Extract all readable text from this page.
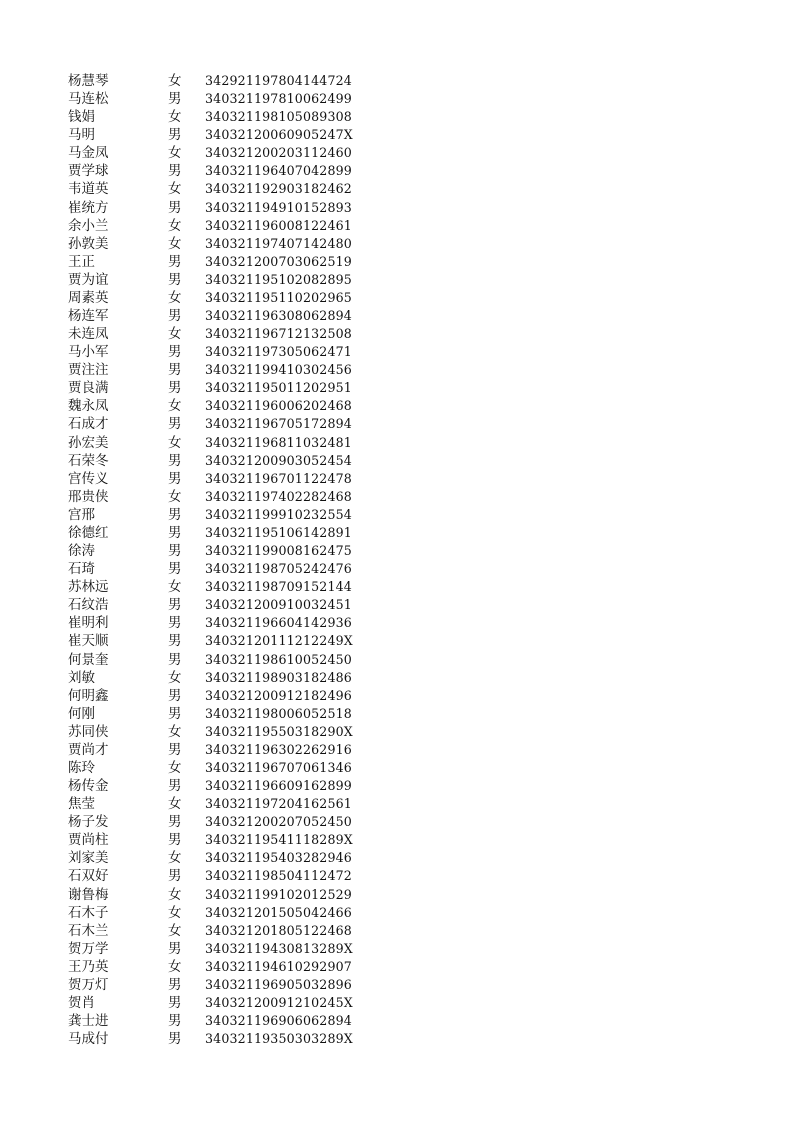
杨慧琴	女 342921197804144724
马连松	男 340321197810062499
钱娟	女 340321198105089308
马明	男 34032120060905247X
马金凤	女 340321200203112460
贾学球	男 340321196407042899
韦道英	女 340321192903182462
崔统方	男 340321194910152893
余小兰	女 340321196008122461
孙敦美	女 340321197407142480
王正	男 340321200703062519
贾为谊	男 340321195102082895
周素英	女 340321195110202965
杨连军	男 340321196308062894
未连凤	女 340321196712132508
马小军	男 340321197305062471
贾注注	男 340321199410302456
贾良满	男 340321195011202951
魏永凤	女 340321196006202468
石成才	男 340321196705172894
孙宏美	女 340321196811032481
石荣冬	男 340321200903052454
宫传义	男 340321196701122478
邢贵侠	女 340321197402282468
宫邢	男 340321199910232554
徐德红	男 340321195106142891
徐涛	男 340321199008162475
石琦	男 340321198705242476
苏林远	女 340321198709152144
石纹浩	男 340321200910032451
崔明利	男 340321196604142936
崔天顺	男 34032120111212249X
何景奎	男 340321198610052450
刘敏	女 340321198903182486
何明鑫	男 340321200912182496
何刚	男 340321198006052518
苏同侠	女 34032119550318290X
贾尚才	男 340321196302262916
陈玲	女 340321196707061346
杨传金	男 340321196609162899
焦莹	女 340321197204162561
杨子发	男 340321200207052450
贾尚柱	男 34032119541118289X
刘家美	女 340321195403282946
石双好	男 340321198504112472
谢鲁梅	女 340321199102012529
石木子	女 340321201505042466
石木兰	女 340321201805122468
贺万学	男 34032119430813289X
王乃英	女 340321194610292907
贺万灯	男 340321196905032896
贺肖	男 34032120091210245X
龚士进	男 340321196906062894
马成付	男 34032119350303289X
